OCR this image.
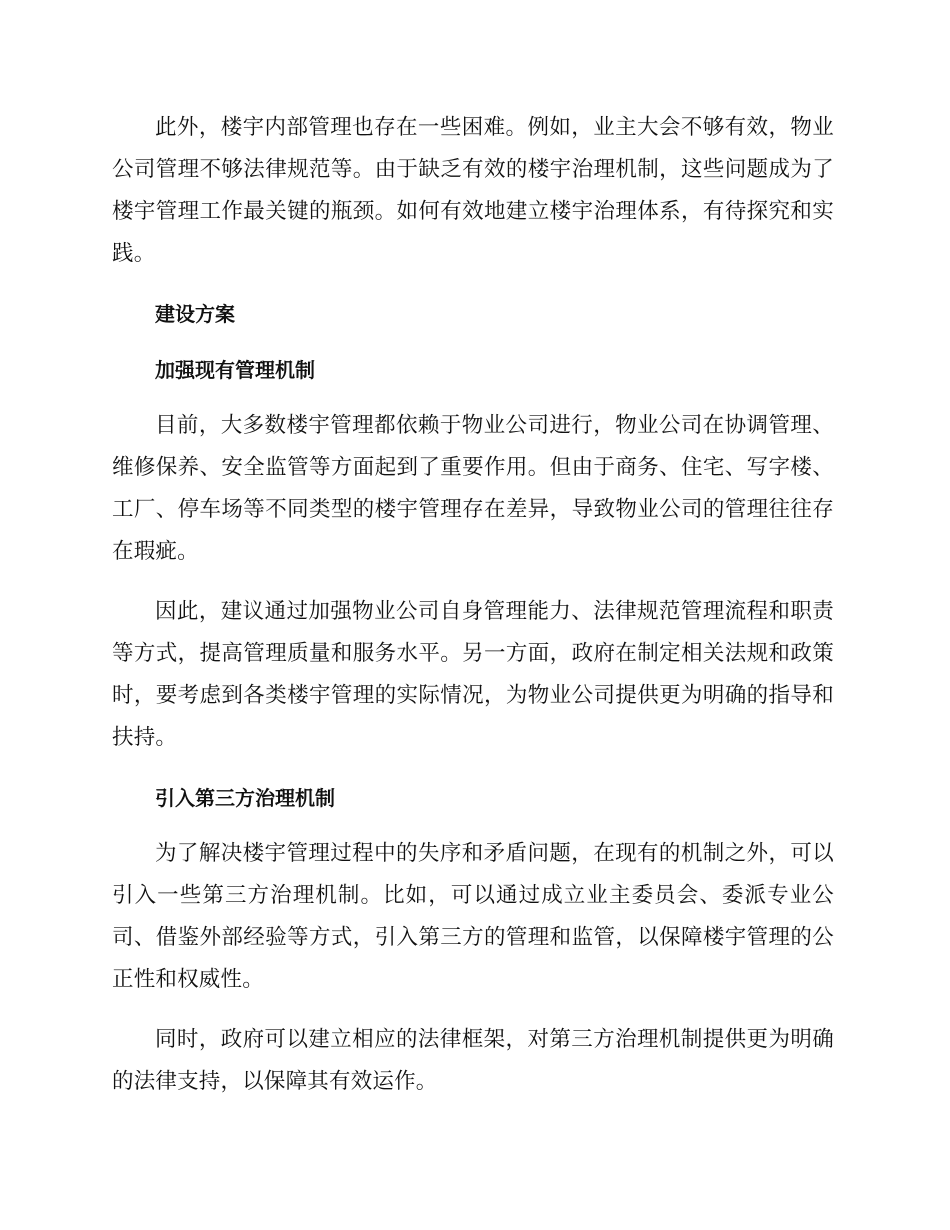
此外，楼宇内部管理也存在一些困难。例如，业主大会不够有效，物业公司管理不够法律规范等。由于缺乏有效的楼宇治理机制，这些问题成为了楼宇管理工作最关键的瓶颈。如何有效地建立楼宇治理体系，有待探究和实践。

建设方案
加强现有管理机制

目前，大多数楼宇管理都依赖于物业公司进行，物业公司在协调管理、维修保养、安全监管等方面起到了重要作用。但由于商务、住宅、写字楼、工厂、停车场等不同类型的楼宇管理存在差异，导致物业公司的管理往往存在瑕疵。

因此，建议通过加强物业公司自身管理能力、法律规范管理流程和职责等方式，提高管理质量和服务水平。另一方面，政府在制定相关法规和政策时，要考虑到各类楼宇管理的实际情况，为物业公司提供更为明确的指导和扶持。

引入第三方治理机制

为了解决楼宇管理过程中的失序和矛盾问题，在现有的机制之外，可以引入一些第三方治理机制。比如，可以通过成立业主委员会、委派专业公司、借鉴外部经验等方式，引入第三方的管理和监管，以保障楼宇管理的公正性和权威性。

同时，政府可以建立相应的法律框架，对第三方治理机制提供更为明确的法律支持，以保障其有效运作。
